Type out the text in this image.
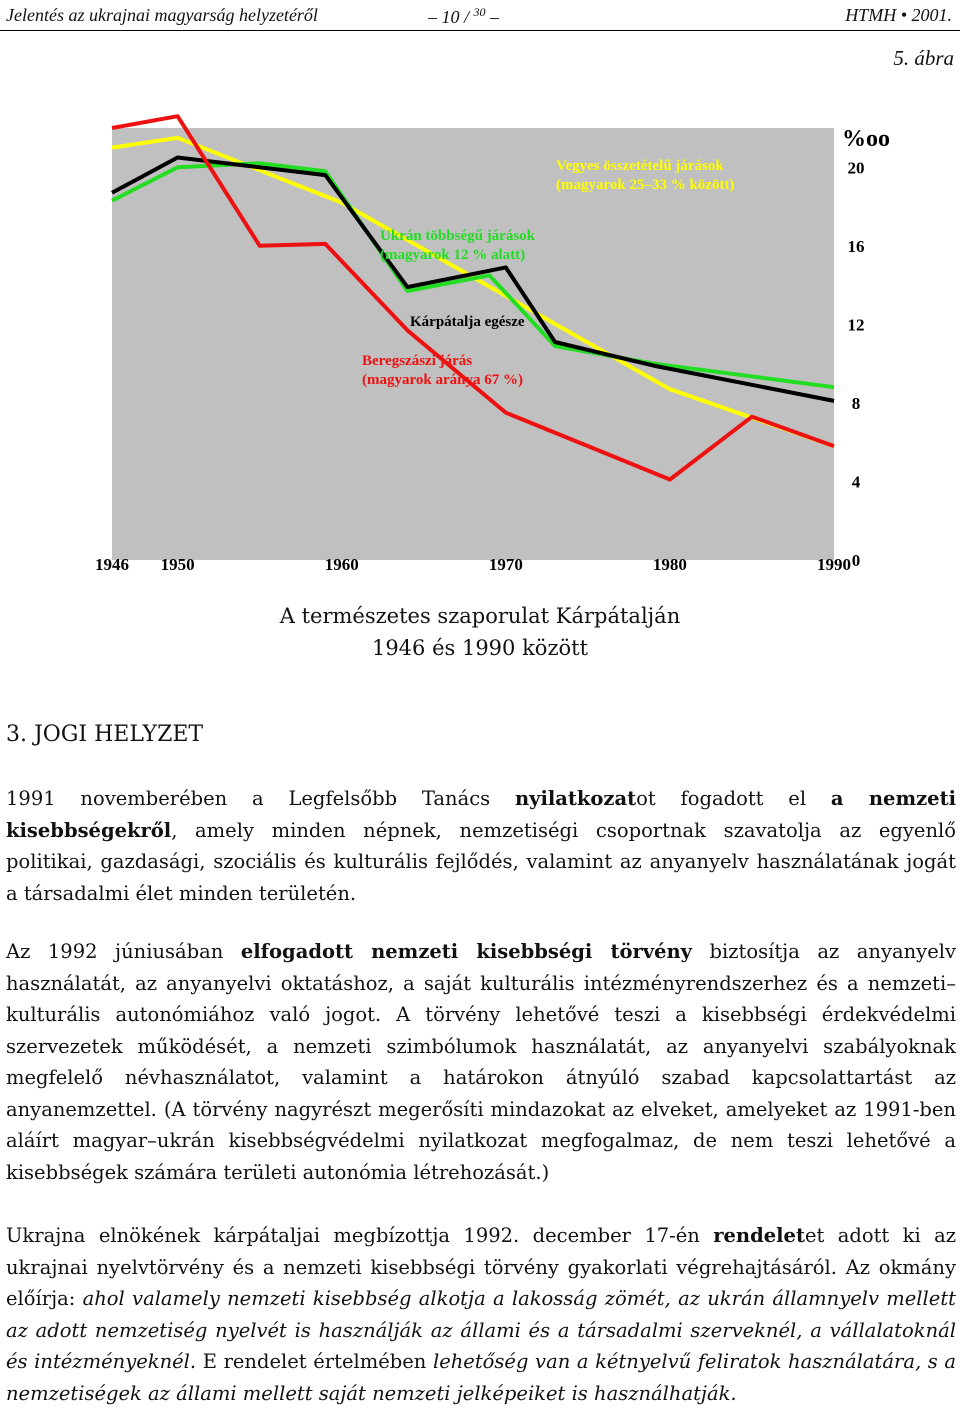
Jelentés az ukrajnai magyarság helyzetéről	– 10 / $^{30}$ –	HTMH • 2001.
5. ábra
Vegyes összetételű járások
(magyarok 25–33 % között)
Ukrán többségű járások
(magyarok 12 % alatt)
Kárpátalja egésze
Beregszászi járás
(magyarok aránya 67 %)
1946 1950	1960	1970	1980	1990
20
16
12
8
4
0
%oo
A természetes szaporulat Kárpátalján
1946 és 1990 között
3. JOGI HELYZET
1991 novemberében a Legfelsőbb Tanács nyilatkozatot fogadott el a nemzeti kisebbségekről, amely minden népnek, nemzetiségi csoportnak szavatolja az egyenlő politikai, gazdasági, szociális és kulturális fejlődés, valamint az anyanyelv használatának jogát a társadalmi élet minden területén.
Az 1992 júniusában elfogadott nemzeti kisebbségi törvény biztosítja az anyanyelv használatát, az anyanyelvi oktatáshoz, a saját kulturális intézményrendszerhez és a nemzeti–kulturális autonómiához való jogot. A törvény lehetővé teszi a kisebbségi érdekvédelmi szervezetek működését, a nemzeti szimbólumok használatát, az anyanyelvi szabályoknak megfelelő névhasználatot, valamint a határokon átnyúló szabad kapcsolattartást az anyanemzettel. (A törvény nagyrészt megerősíti mindazokat az elveket, amelyeket az 1991-ben aláírt magyar–ukrán kisebbségvédelmi nyilatkozat megfogalmaz, de nem teszi lehetővé a kisebbségek számára területi autonómia létrehozását.)
Ukrajna elnökének kárpátaljai megbízottja 1992. december 17-én rendeletet adott ki az ukrajnai nyelvtörvény és a nemzeti kisebbségi törvény gyakorlati végrehajtásáról. Az okmány előírja: ahol valamely nemzeti kisebbség alkotja a lakosság zömét, az ukrán államnyelv mellett az adott nemzetiség nyelvét is használják az állami és a társadalmi szerveknél, a vállalatoknál és intézményeknél. E rendelet értelmében lehetőség van a kétnyelvű feliratok használatára, s a nemzetiségek az állami mellett saját nemzeti jelképeiket is használhatják.
